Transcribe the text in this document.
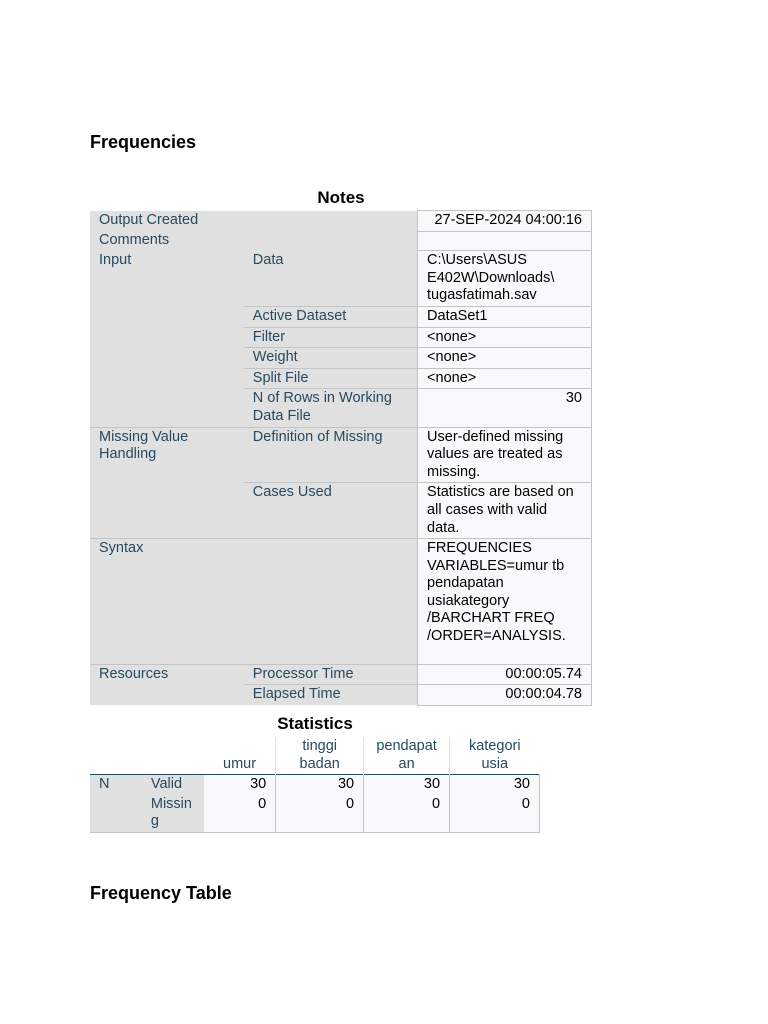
Frequencies
Notes
Output Created		27-SEP-2024 04:00:16
Comments		
Input	Data	C:\Users\ASUS E402W\Downloads\ tugasfatimah.sav
	Active Dataset	DataSet1
	Filter	<none>
	Weight	<none>
	Split File	<none>
	N of Rows in Working Data File	30
Missing Value Handling	Definition of Missing	User-defined missing values are treated as missing.
	Cases Used	Statistics are based on all cases with valid data.
Syntax		FREQUENCIES VARIABLES=umur tb pendapatan usiakategory /BARCHART FREQ /ORDER=ANALYSIS.
Resources	Processor Time	00:00:05.74
	Elapsed Time	00:00:04.78
Statistics
		umur	tinggi badan	pendapat an	kategori usia
N	Valid	30	30	30	30
	Missin g	0	0	0	0
Frequency Table
